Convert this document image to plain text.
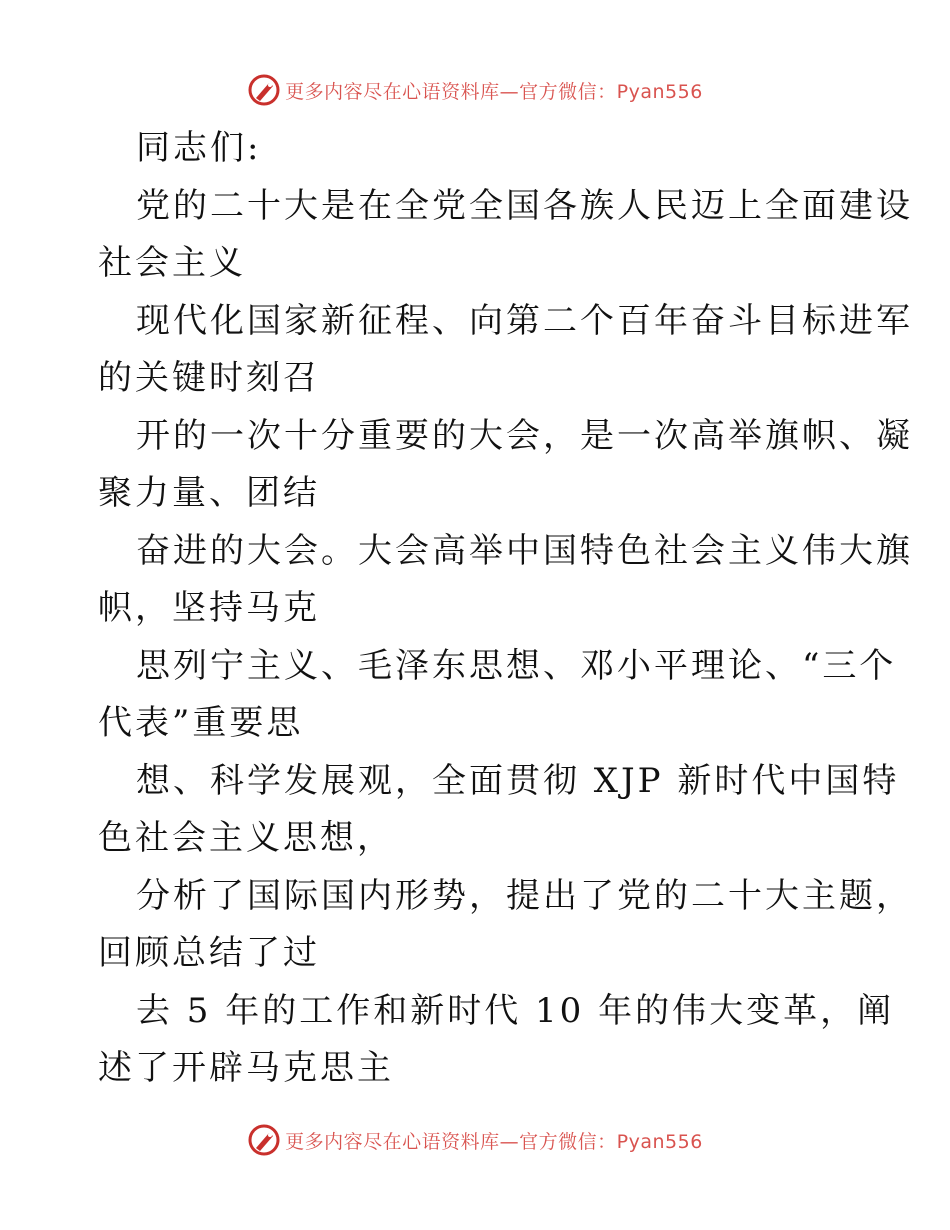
更多内容尽在心语资料库—官方微信：Pyan556
同志们:
党的二十大是在全党全国各族人民迈上全面建设
社会主义
现代化国家新征程、向第二个百年奋斗目标进军
的关键时刻召
开的一次十分重要的大会，是一次高举旗帜、凝
聚力量、团结
奋进的大会。大会高举中国特色社会主义伟大旗
帜，坚持马克
思列宁主义、毛泽东思想、邓小平理论、“三个
代表”重要思
想、科学发展观，全面贯彻 XJP 新时代中国特
色社会主义思想，
分析了国际国内形势，提出了党的二十大主题，
回顾总结了过
去 5 年的工作和新时代 10 年的伟大变革，阐
述了开辟马克思主
更多内容尽在心语资料库—官方微信：Pyan556
